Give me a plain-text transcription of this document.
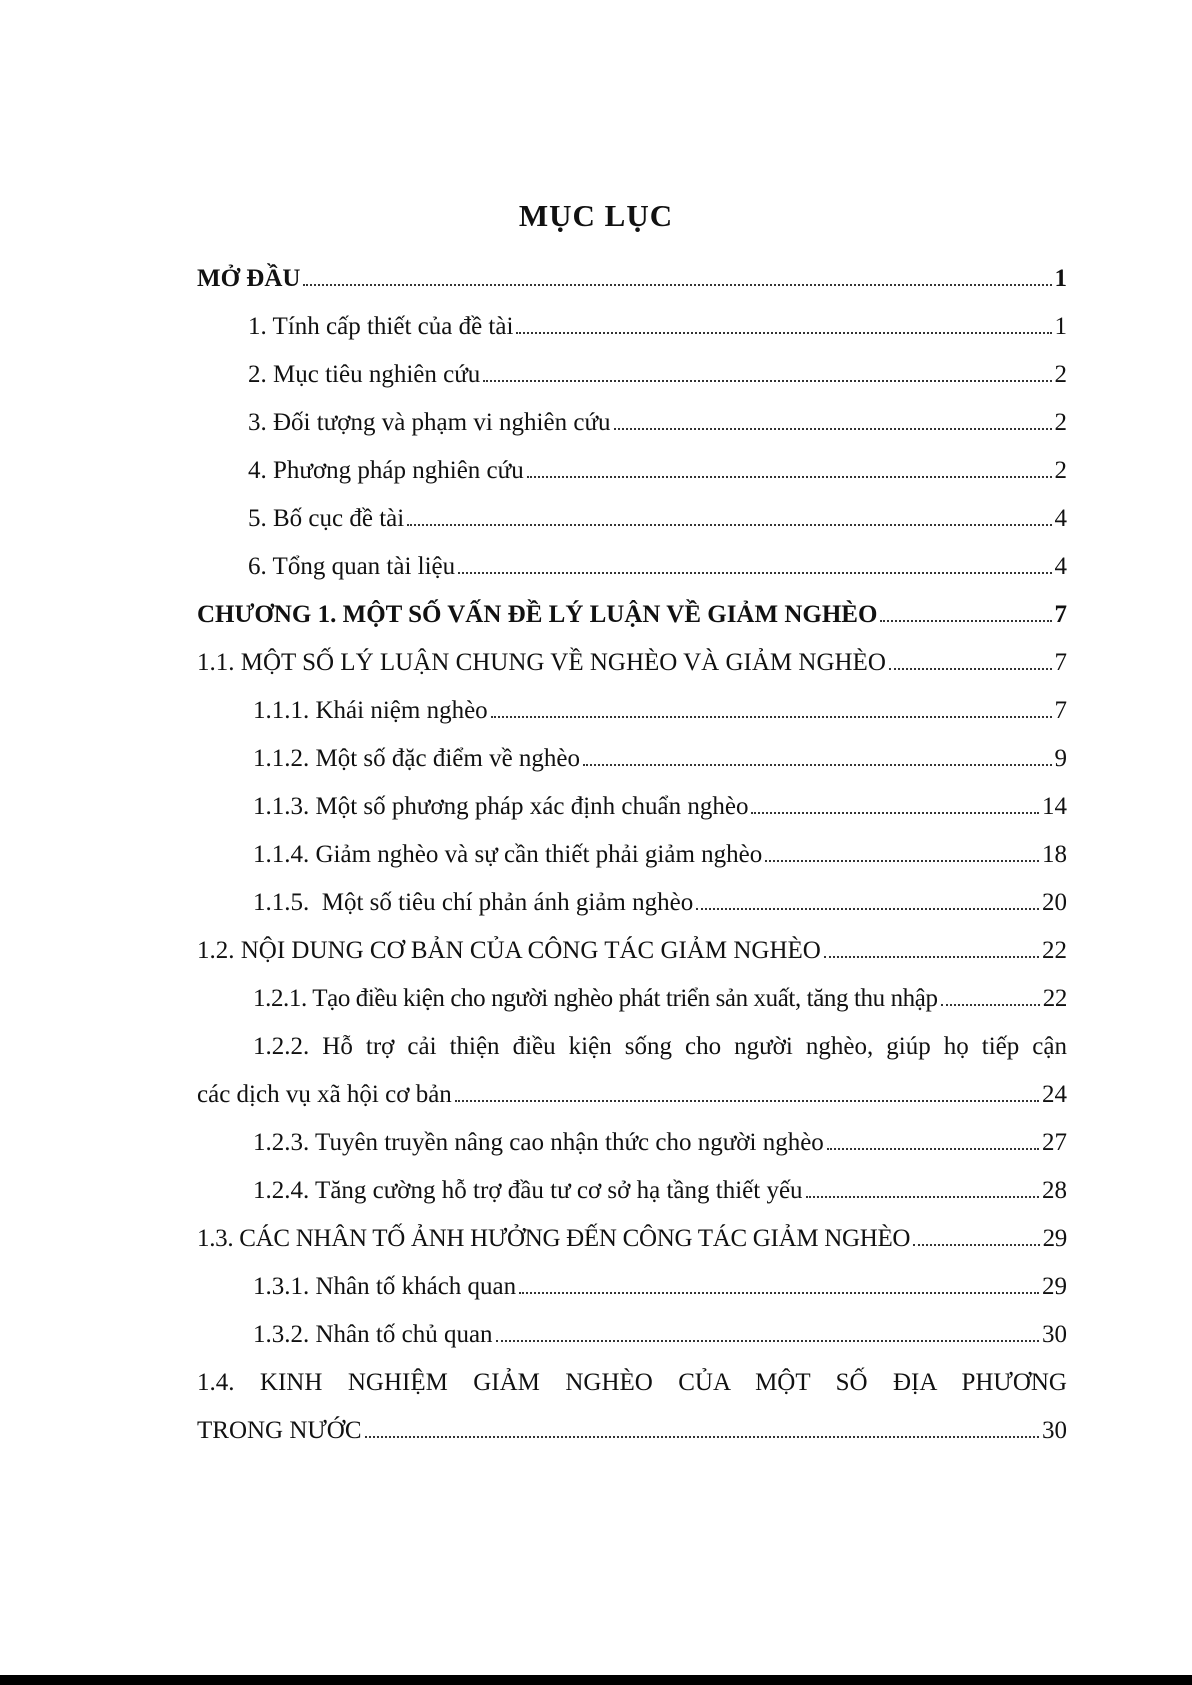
MỤC LỤC
MỞ ĐẦU	1
1. Tính cấp thiết của đề tài	1
2. Mục tiêu nghiên cứu	2
3. Đối tượng và phạm vi nghiên cứu	2
4. Phương pháp nghiên cứu	2
5. Bố cục đề tài	4
6. Tổng quan tài liệu	4
CHƯƠNG 1. MỘT SỐ VẤN ĐỀ LÝ LUẬN VỀ GIẢM NGHÈO	7
1.1. MỘT SỐ LÝ LUẬN CHUNG VỀ NGHÈO VÀ GIẢM NGHÈO	7
1.1.1. Khái niệm nghèo	7
1.1.2. Một số đặc điểm về nghèo	9
1.1.3. Một số phương pháp xác định chuẩn nghèo	14
1.1.4. Giảm nghèo và sự cần thiết phải giảm nghèo	18
1.1.5.  Một số tiêu chí phản ánh giảm nghèo	20
1.2. NỘI DUNG CƠ BẢN CỦA CÔNG TÁC GIẢM NGHÈO	22
1.2.1. Tạo điều kiện cho người nghèo phát triển sản xuất, tăng thu nhập	22
1.2.2. Hỗ trợ cải thiện điều kiện sống cho người nghèo, giúp họ tiếp cận
các dịch vụ xã hội cơ bản	24
1.2.3. Tuyên truyền nâng cao nhận thức cho người nghèo	27
1.2.4. Tăng cường hỗ trợ đầu tư cơ sở hạ tầng thiết yếu	28
1.3. CÁC NHÂN TỐ ẢNH HƯỞNG ĐẾN CÔNG TÁC GIẢM NGHÈO	29
1.3.1. Nhân tố khách quan	29
1.3.2. Nhân tố chủ quan	30
1.4. KINH NGHIỆM GIẢM NGHÈO CỦA MỘT SỐ ĐỊA PHƯƠNG
TRONG NƯỚC	30
